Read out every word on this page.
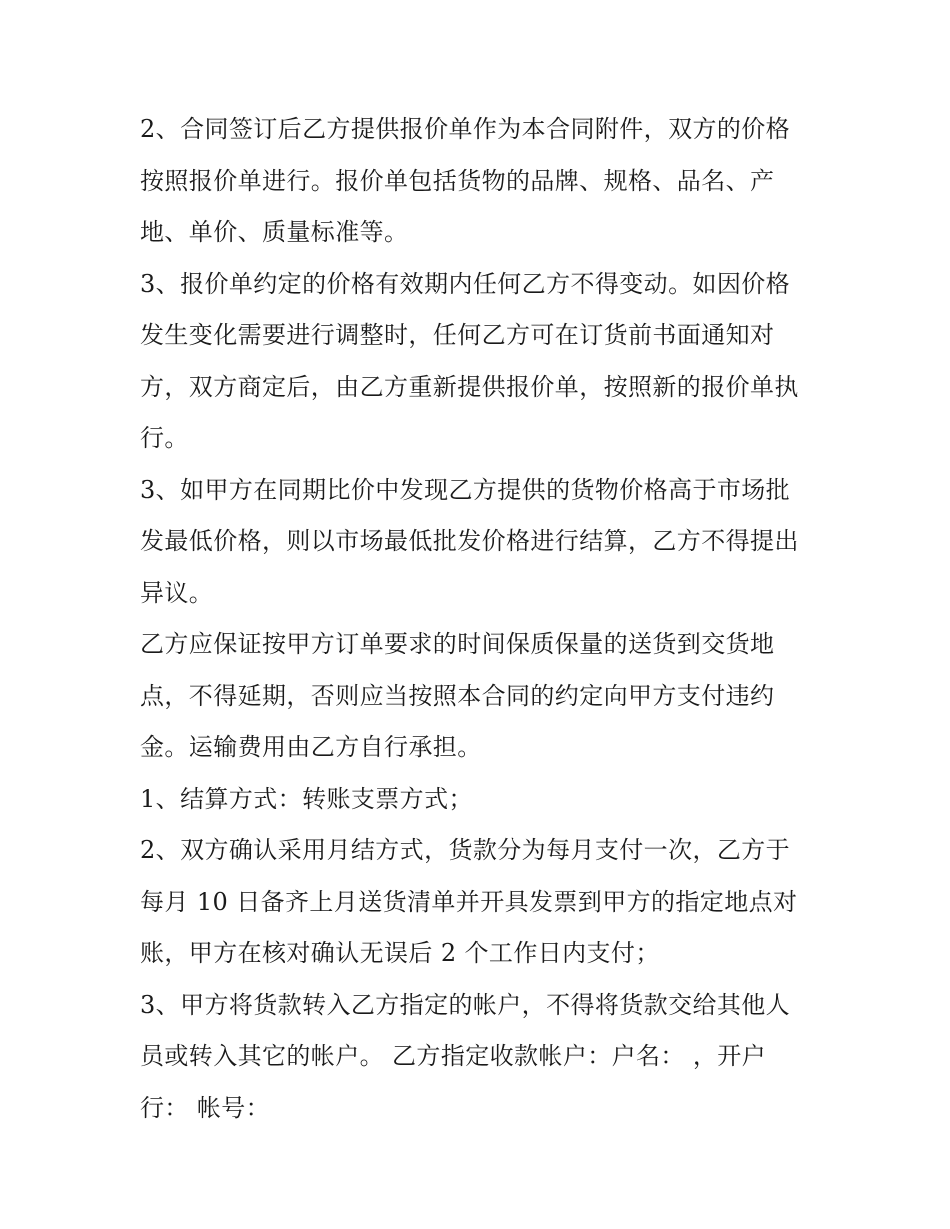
2、合同签订后乙方提供报价单作为本合同附件，双方的价格
按照报价单进行。报价单包括货物的品牌、规格、品名、产
地、单价、质量标准等。
3、报价单约定的价格有效期内任何乙方不得变动。如因价格
发生变化需要进行调整时，任何乙方可在订货前书面通知对
方，双方商定后，由乙方重新提供报价单，按照新的报价单执
行。
3、如甲方在同期比价中发现乙方提供的货物价格高于市场批
发最低价格，则以市场最低批发价格进行结算，乙方不得提出
异议。
乙方应保证按甲方订单要求的时间保质保量的送货到交货地
点，不得延期，否则应当按照本合同的约定向甲方支付违约
金。运输费用由乙方自行承担。
1、结算方式：转账支票方式；
2、双方确认采用月结方式，货款分为每月支付一次，乙方于
每月 10 日备齐上月送货清单并开具发票到甲方的指定地点对
账，甲方在核对确认无误后 2 个工作日内支付；
3、甲方将货款转入乙方指定的帐户，不得将货款交给其他人
员或转入其它的帐户。 乙方指定收款帐户：户名： ，开户
行： 帐号：
